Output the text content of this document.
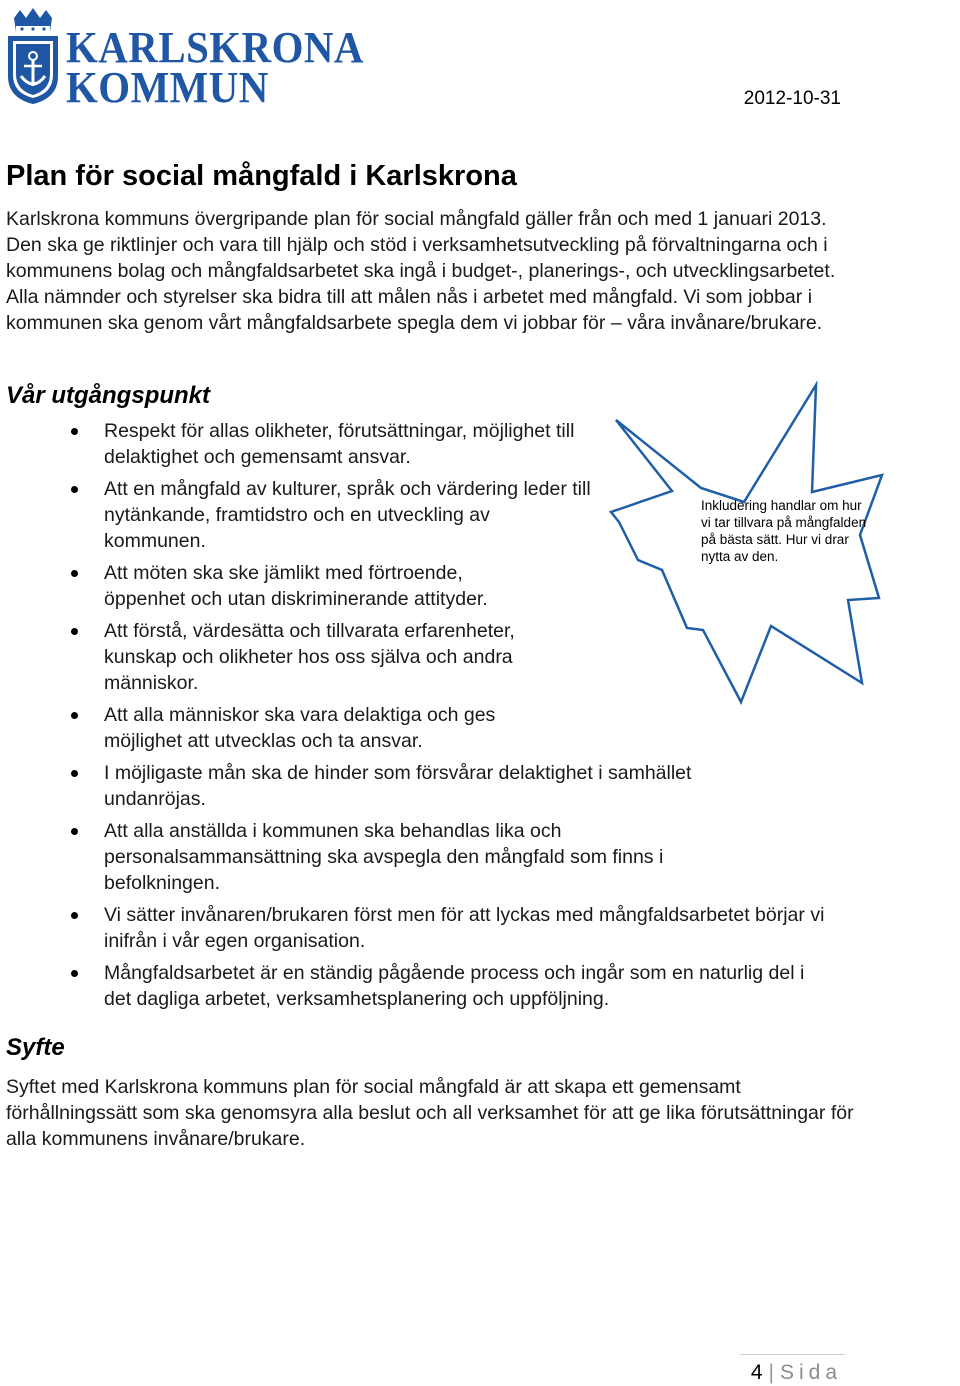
KARLSKRONA
KOMMUN	2012-10-31
Plan för social mångfald i Karlskrona

Karlskrona kommuns övergripande plan för social mångfald gäller från och med 1 januari 2013. Den ska ge riktlinjer och vara till hjälp och stöd i verksamhetsutveckling på förvaltningarna och i kommunens bolag och mångfaldsarbetet ska ingå i budget-, planerings-, och utvecklingsarbetet. Alla nämnder och styrelser ska bidra till att målen nås i arbetet med mångfald. Vi som jobbar i kommunen ska genom vårt mångfaldsarbete spegla dem vi jobbar för – våra invånare/brukare.

Vår utgångspunkt

Inkludering handlar om hur vi tar tillvara på mångfalden på bästa sätt. Hur vi drar nytta av den.

Respekt för allas olikheter, förutsättningar, möjlighet till delaktighet och gemensamt ansvar.
Att en mångfald av kulturer, språk och värdering leder till nytänkande, framtidstro och en utveckling av kommunen.
Att möten ska ske jämlikt med förtroende, öppenhet och utan diskriminerande attityder.
Att förstå, värdesätta och tillvarata erfarenheter, kunskap och olikheter hos oss själva och andra människor.
Att alla människor ska vara delaktiga och ges möjlighet att utvecklas och ta ansvar.
I möjligaste mån ska de hinder som försvårar delaktighet i samhället undanröjas.
Att alla anställda i kommunen ska behandlas lika och personalsammansättning ska avspegla den mångfald som finns i befolkningen.
Vi sätter invånaren/brukaren först men för att lyckas med mångfaldsarbetet börjar vi inifrån i vår egen organisation.
Mångfaldsarbetet är en ständig pågående process och ingår som en naturlig del i det dagliga arbetet, verksamhetsplanering och uppföljning.
Syfte

Syftet med Karlskrona kommuns plan för social mångfald är att skapa ett gemensamt förhållningssätt som ska genomsyra alla beslut och all verksamhet för att ge lika förutsättningar för alla kommunens invånare/brukare.

4 | Sida
